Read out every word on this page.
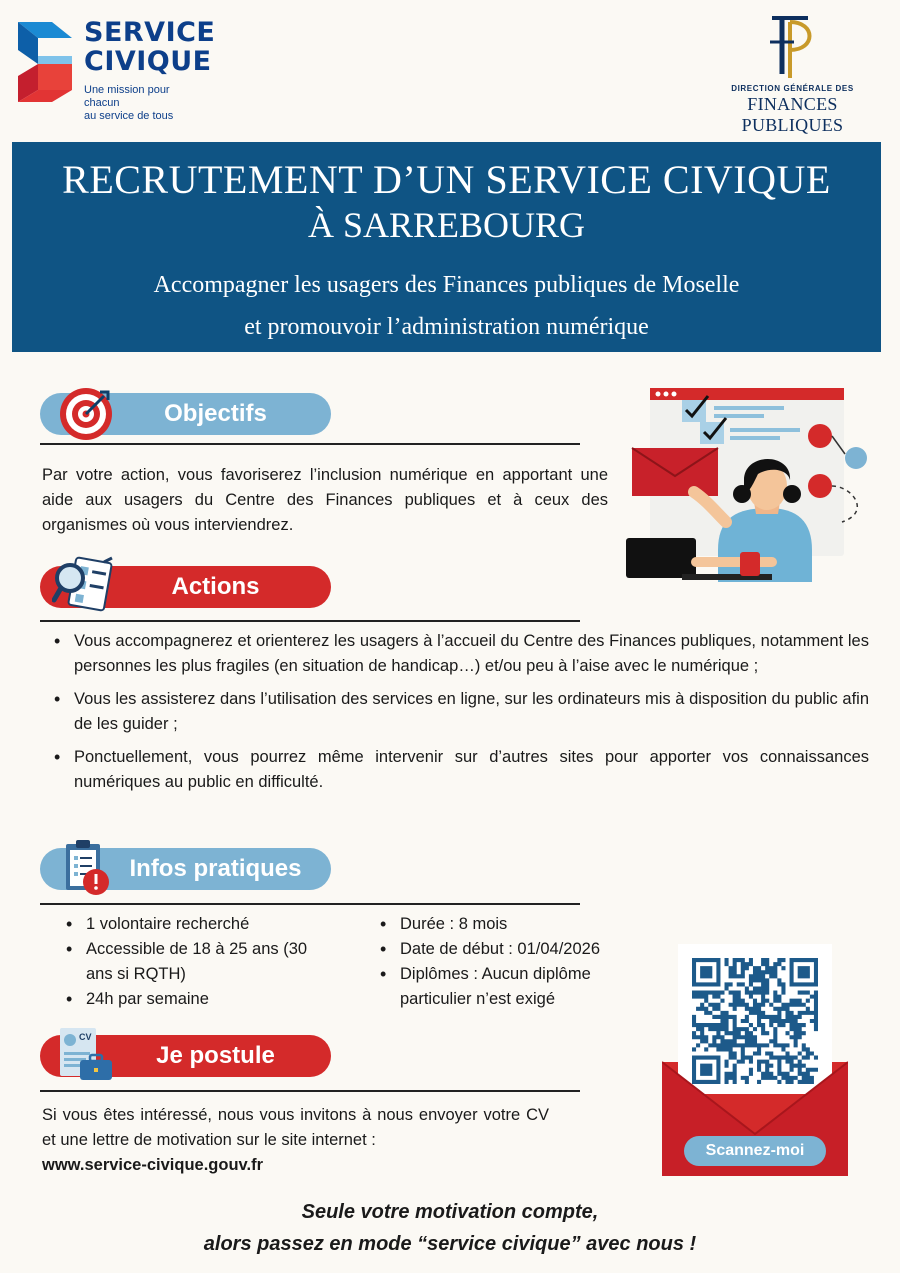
SERVICE
CIVIQUE
Une mission pour chacun
au service de tous
DIRECTION GÉNÉRALE DES
FINANCES PUBLIQUES
RECRUTEMENT D’UN SERVICE CIVIQUE
À SARREBOURG
Accompagner les usagers des Finances publiques de Moselle
et promouvoir l’administration numérique
Objectifs
Par votre action, vous favoriserez l’inclusion numérique en apportant une aide aux usagers du Centre des Finances publiques et à ceux des organismes où vous interviendrez.
Actions
• Vous accompagnerez et orienterez les usagers à l’accueil du Centre des Finances publiques, notamment les personnes les plus fragiles (en situation de handicap…) et/ou peu à l’aise avec le numérique ;
• Vous les assisterez dans l’utilisation des services en ligne, sur les ordinateurs mis à disposition du public afin de les guider ;
• Ponctuellement, vous pourrez même intervenir sur d’autres sites pour apporter vos connaissances numériques au public en difficulté.
Infos pratiques
• 1 volontaire recherché
• Accessible de 18 à 25 ans (30 ans si RQTH)
• 24h par semaine
• Durée : 8 mois
• Date de début : 01/04/2026
• Diplômes : Aucun diplôme particulier n’est exigé
CV
Je postule
Si vous êtes intéressé, nous vous invitons à nous envoyer votre CV et une lettre de motivation sur le site internet :
www.service-civique.gouv.fr
Scannez-moi
Seule votre motivation compte,
alors passez en mode “service civique” avec nous !
